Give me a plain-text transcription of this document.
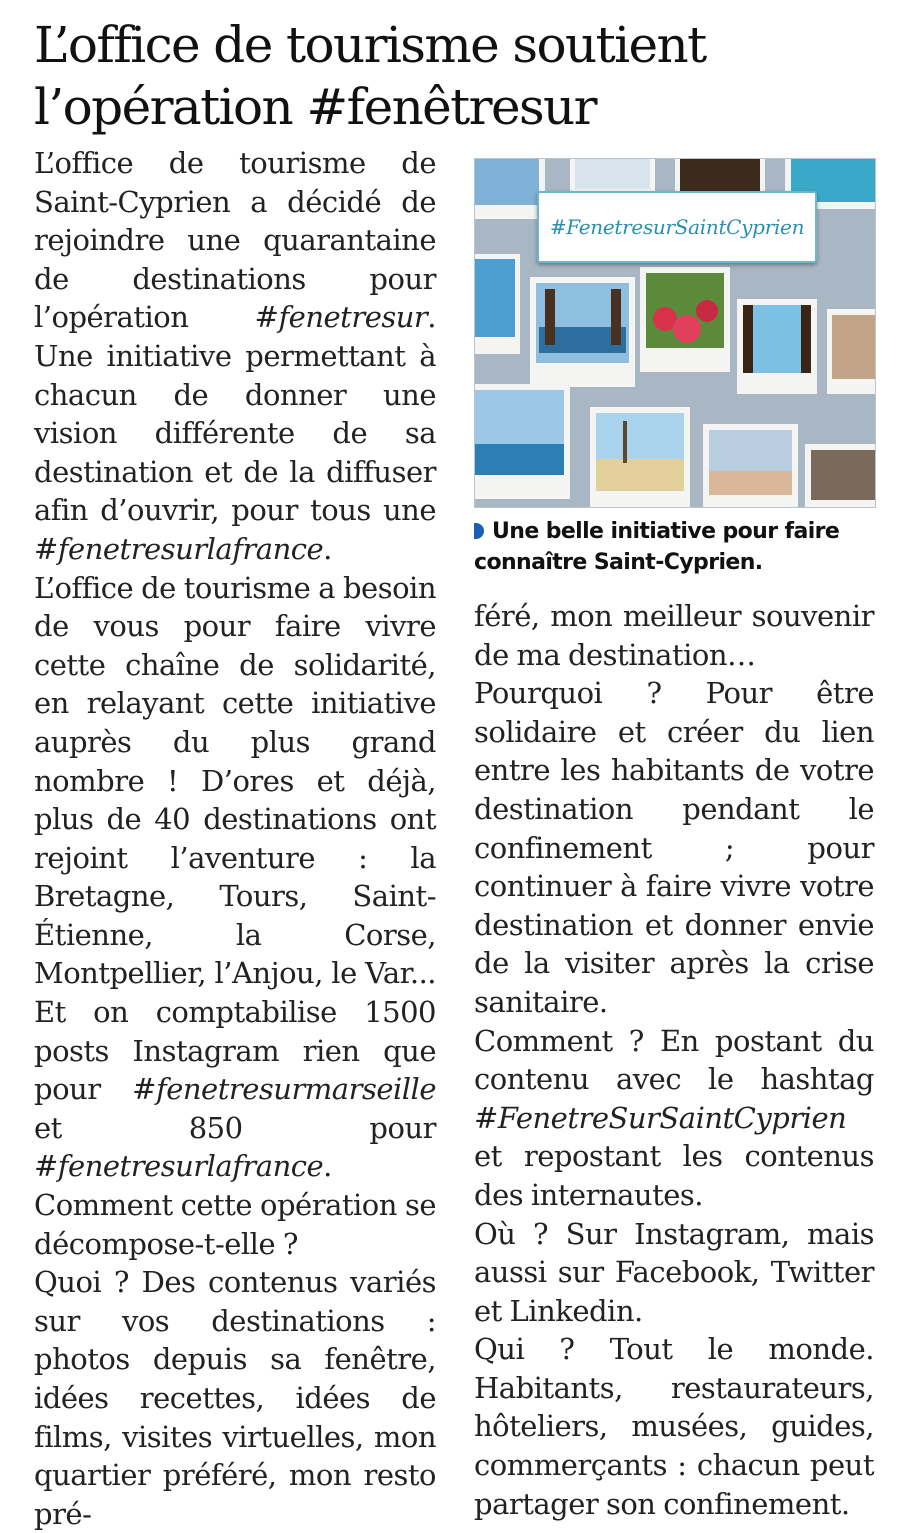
L’office de tourisme soutient l’opération #fenêtresur

L’office de tourisme de Saint-Cyprien a décidé de rejoindre une quarantaine de destinations pour l’opération #fenetresur. Une initiative permettant à chacun de donner une vision différente de sa destination et de la diffuser afin d’ouvrir, pour tous une #fenetresurlafrance.

L’office de tourisme a besoin de vous pour faire vivre cette chaîne de solidarité, en relayant cette initiative auprès du plus grand nombre ! D’ores et déjà, plus de 40 destinations ont rejoint l’aventure : la Bretagne, Tours, Saint-Étienne, la Corse, Montpellier, l’Anjou, le Var... Et on comptabilise 1500 posts Instagram rien que pour #fenetresurmarseille et 850 pour #fenetresurlafrance.

Comment cette opération se décompose-t-elle ?

Quoi ? Des contenus variés sur vos destinations : photos depuis sa fenêtre, idées recettes, idées de films, visites virtuelles, mon quartier préféré, mon resto pré-

#FenetresurSaintCyprien
Une belle initiative pour faire connaître Saint-Cyprien.

féré, mon meilleur souvenir de ma destination…

Pourquoi ? Pour être solidaire et créer du lien entre les habitants de votre destination pendant le confinement ; pour continuer à faire vivre votre destination et donner envie de la visiter après la crise sanitaire.

Comment ? En postant du contenu avec le hashtag #FenetreSurSaintCyprien et repostant les contenus des internautes.

Où ? Sur Instagram, mais aussi sur Facebook, Twitter et Linkedin.

Qui ? Tout le monde. Habitants, restaurateurs, hôteliers, musées, guides, commerçants : chacun peut partager son confinement.
